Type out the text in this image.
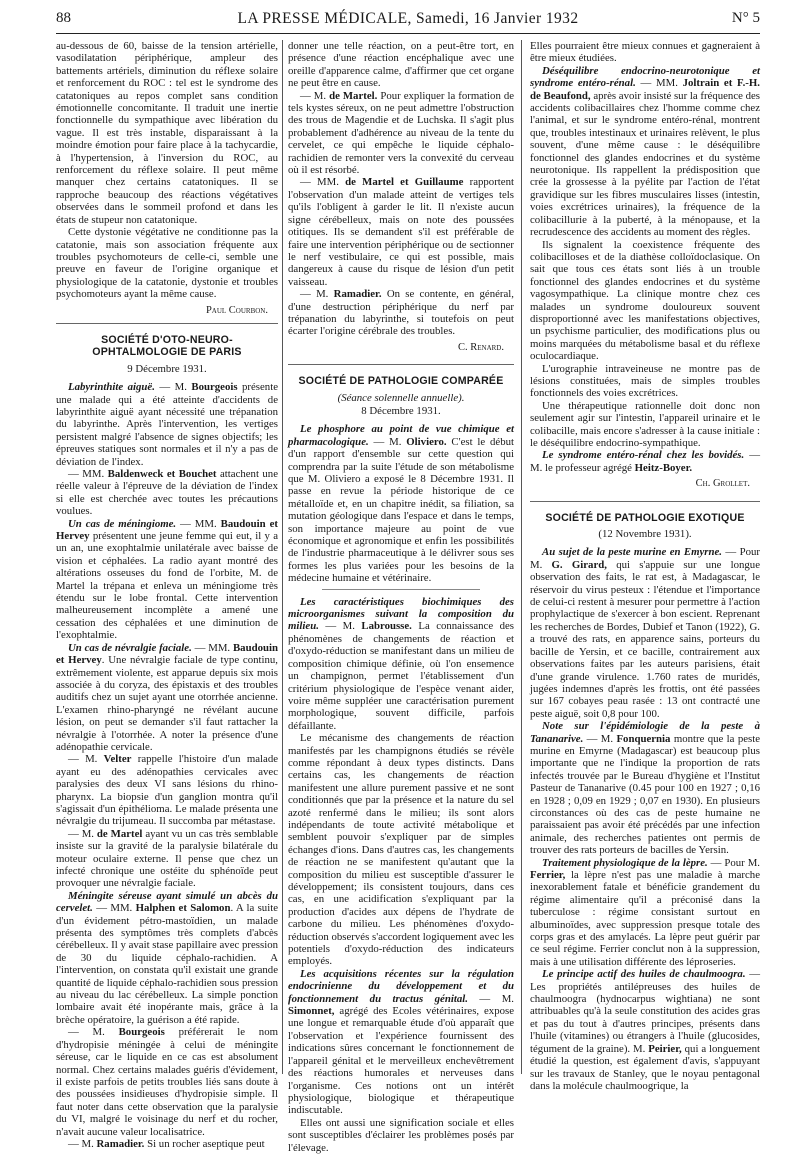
88	LA PRESSE MÉDICALE, Samedi, 16 Janvier 1932	N° 5

au-dessous de 60, baisse de la tension artérielle, vasodilatation périphérique, ampleur des battements artériels, diminution du réflexe solaire et renforcement du ROC : tel est le syndrome des catatoniques au repos complet sans condition émotionnelle concomitante. Il traduit une inertie fonctionnelle du sympathique avec libération du vague. Il est très instable, disparaissant à la moindre émotion pour faire place à la tachycardie, à l'hypertension, à l'inversion du ROC, au renforcement du réflexe solaire. Il peut même manquer chez certains catatoniques. Il se rapproche beaucoup des réactions végétatives observées dans le sommeil profond et dans les états de stupeur non catatonique.

Cette dystonie végétative ne conditionne pas la catatonie, mais son association fréquente aux troubles psychomoteurs de celle-ci, semble une preuve en faveur de l'origine organique et physiologique de la catatonie, dystonie et troubles psychomoteurs ayant la même cause.

Paul Courbon.
SOCIÉTÉ D'OTO-NEURO-OPHTALMOLOGIE DE PARIS
9 Décembre 1931.

Labyrinthite aiguë. — M. Bourgeois présente une malade qui a été atteinte d'accidents de labyrinthite aiguë ayant nécessité une trépanation du labyrinthe. Après l'intervention, les vertiges persistent malgré l'absence de signes objectifs; les épreuves statiques sont normales et il n'y a pas de déviation de l'index.

— MM. Baldenweck et Bouchet attachent une réelle valeur à l'épreuve de la déviation de l'index si elle est cherchée avec toutes les précautions voulues.

Un cas de méningiome. — MM. Baudouin et Hervey présentent une jeune femme qui eut, il y a un an, une exophtalmie unilatérale avec baisse de vision et céphalées. La radio ayant montré des altérations osseuses du fond de l'orbite, M. de Martel la trépana et enleva un méningiome très étendu sur le lobe frontal. Cette intervention malheureusement incomplète a amené une cessation des céphalées et une diminution de l'exophtalmie.

Un cas de névralgie faciale. — MM. Baudouin et Hervey. Une névralgie faciale de type continu, extrêmement violente, est apparue depuis six mois associée à du coryza, des épistaxis et des troubles auditifs chez un sujet ayant une otorrhée ancienne. L'examen rhino-pharyngé ne révélant aucune lésion, on peut se demander s'il faut rattacher la névralgie à l'otorrhée. A noter la présence d'une adénopathie cervicale.

— M. Velter rappelle l'histoire d'un malade ayant eu des adénopathies cervicales avec paralysies des deux VI sans lésions du rhino-pharynx. La biopsie d'un ganglion montra qu'il s'agissait d'un épithélioma. Le malade présenta une névralgie du trijumeau. Il succomba par métastase.

— M. de Martel ayant vu un cas très semblable insiste sur la gravité de la paralysie bilatérale du moteur oculaire externe. Il pense que chez un infecté chronique une ostéite du sphénoïde peut provoquer une névralgie faciale.

Méningite séreuse ayant simulé un abcès du cervelet. — MM. Halphen et Salomon. A la suite d'un évidement pétro-mastoïdien, un malade présenta des symptômes très complets d'abcès cérébelleux. Il y avait stase papillaire avec pression de 30 du liquide céphalo-rachidien. A l'intervention, on constata qu'il existait une grande quantité de liquide céphalo-rachidien sous pression au niveau du lac cérébelleux. La simple ponction lombaire avait été inopérante mais, grâce à la brèche opératoire, la guérison a été rapide.

— M. Bourgeois préférerait le nom d'hydropisie méningée à celui de méningite séreuse, car le liquide en ce cas est absolument normal. Chez certains malades guéris d'évidement, il existe parfois de petits troubles liés sans doute à des poussées insidieuses d'hydropisie simple. Il faut noter dans cette observation que la paralysie du VI, malgré le voisinage du nerf et du rocher, n'avait aucune valeur localisatrice.

— M. Ramadier. Si un rocher aseptique peut

donner une telle réaction, on a peut-être tort, en présence d'une réaction encéphalique avec une oreille d'apparence calme, d'affirmer que cet organe ne peut être en cause.

— M. de Martel. Pour expliquer la formation de tels kystes séreux, on ne peut admettre l'obstruction des trous de Magendie et de Luchska. Il s'agit plus probablement d'adhérence au niveau de la tente du cervelet, ce qui empêche le liquide céphalo-rachidien de remonter vers la convexité du cerveau où il est résorbé.

— MM. de Martel et Guillaume rapportent l'observation d'un malade atteint de vertiges tels qu'ils l'obligent à garder le lit. Il n'existe aucun signe cérébelleux, mais on note des poussées otitiques. Ils se demandent s'il est préférable de faire une intervention périphérique ou de sectionner le nerf vestibulaire, ce qui est possible, mais dangereux à cause du risque de lésion d'un petit vaisseau.

— M. Ramadier. On se contente, en général, d'une destruction périphérique du nerf par trépanation du labyrinthe, si toutefois on peut écarter l'origine cérébrale des troubles.

C. Renard.
SOCIÉTÉ DE PATHOLOGIE COMPARÉE
(Séance solennelle annuelle).
8 Décembre 1931.

Le phosphore au point de vue chimique et pharmacologique. — M. Oliviero. C'est le début d'un rapport d'ensemble sur cette question qui comprendra par la suite l'étude de son métabolisme que M. Oliviero a exposé le 8 Décembre 1931. Il passe en revue la période historique de ce métalloïde et, en un chapitre inédit, sa filiation, sa mutation géologique dans l'espace et dans le temps, son importance majeure au point de vue économique et agronomique et enfin les possibilités de l'industrie pharmaceutique à le délivrer sous ses formes les plus variées pour les besoins de la médecine humaine et vétérinaire.

Les caractéristiques biochimiques des microorganismes suivant la composition du milieu. — M. Labrousse. La connaissance des phénomènes de changements de réaction et d'oxydo-réduction se manifestant dans un milieu de composition chimique définie, où l'on ensemence un champignon, permet l'établissement d'un critérium physiologique de l'espèce venant aider, voire même suppléer une caractérisation purement morphologique, souvent difficile, parfois défaillante.

Le mécanisme des changements de réaction manifestés par les champignons étudiés se révèle comme répondant à deux types distincts. Dans certains cas, les changements de réaction manifestent une allure purement passive et ne sont conditionnés que par la présence et la nature du sel azoté renfermé dans le milieu; ils sont alors indépendants de toute activité métabolique et semblent pouvoir s'expliquer par de simples échanges d'ions. Dans d'autres cas, les changements de réaction ne se manifestent qu'autant que la composition du milieu est susceptible d'assurer le développement; ils consistent toujours, dans ces cas, en une acidification s'expliquant par la production d'acides aux dépens de l'hydrate de carbone du milieu. Les phénomènes d'oxydo-réduction observés s'accordent logiquement avec les potentiels d'oxydo-réduction des indicateurs employés.

Les acquisitions récentes sur la régulation endocrinienne du développement et du fonctionnement du tractus génital. — M. Simonnet, agrégé des Ecoles vétérinaires, expose une longue et remarquable étude d'où apparaît que l'observation et l'expérience fournissent des indications sûres concernant le fonctionnement de l'appareil génital et le merveilleux enchevêtrement des réactions humorales et nerveuses dans l'organisme. Ces notions ont un intérêt physiologique, biologique et thérapeutique indiscutable.

Elles ont aussi une signification sociale et elles sont susceptibles d'éclairer les problèmes posés par l'élevage.

Elles pourraient être mieux connues et gagneraient à être mieux étudiées.

Déséquilibre endocrino-neurotonique et syndrome entéro-rénal. — MM. Joltrain et F.-H. de Beaufond, après avoir insisté sur la fréquence des accidents colibacillaires chez l'homme comme chez l'animal, et sur le syndrome entéro-rénal, montrent que, troubles intestinaux et urinaires relèvent, le plus souvent, d'une même cause : le déséquilibre fonctionnel des glandes endocrines et du système neurotonique. Ils rappellent la prédisposition que crée la grossesse à la pyélite par l'action de l'état gravidique sur les fibres musculaires lisses (intestin, voies excrétrices urinaires), la fréquence de la colibacillurie à la puberté, à la ménopause, et la recrudescence des accidents au moment des règles.

Ils signalent la coexistence fréquente des colibacilloses et de la diathèse colloïdoclasique. On sait que tous ces états sont liés à un trouble fonctionnel des glandes endocrines et du système vagosympathique. La clinique montre chez ces malades un syndrome douloureux souvent disproportionné avec les manifestations objectives, un psychisme particulier, des modifications plus ou moins marquées du métabolisme basal et du réflexe oculocardiaque.

L'urographie intraveineuse ne montre pas de lésions constituées, mais de simples troubles fonctionnels des voies excrétrices.

Une thérapeutique rationnelle doit donc non seulement agir sur l'intestin, l'appareil urinaire et le colibacille, mais encore s'adresser à la cause initiale : le déséquilibre endocrino-sympathique.

Le syndrome entéro-rénal chez les bovidés. — M. le professeur agrégé Heitz-Boyer.

Ch. Grollet.
SOCIÉTÉ DE PATHOLOGIE EXOTIQUE
(12 Novembre 1931).

Au sujet de la peste murine en Emyrne. — Pour M. G. Girard, qui s'appuie sur une longue observation des faits, le rat est, à Madagascar, le réservoir du virus pesteux : l'étendue et l'importance de celui-ci restent à mesurer pour permettre à l'action prophylactique de s'exercer à bon escient. Reprenant les recherches de Bordes, Dubief et Tanon (1922), G. a trouvé des rats, en apparence sains, porteurs du bacille de Yersin, et ce bacille, contrairement aux observations faites par les auteurs parisiens, était d'une grande virulence. 1.760 rates de muridés, jugées indemnes d'après les frottis, ont été passées sur 167 cobayes peau rasée : 13 ont contracté une peste aiguë, soit 0,8 pour 100.

Note sur l'épidémiologie de la peste à Tananarive. — M. Fonquernia montre que la peste murine en Emyrne (Madagascar) est beaucoup plus importante que ne l'indique la proportion de rats infectés trouvée par le Bureau d'hygiène et l'Institut Pasteur de Tananarive (0.45 pour 100 en 1927 ; 0,16 en 1928 ; 0,09 en 1929 ; 0,07 en 1930). En plusieurs circonstances où des cas de peste humaine ne paraissaient pas avoir été précédés par une infection animale, des recherches patientes ont permis de trouver des rats porteurs de bacilles de Yersin.

Traitement physiologique de la lèpre. — Pour M. Ferrier, la lèpre n'est pas une maladie à marche inexorablement fatale et bénéficie grandement du régime alimentaire qu'il a préconisé dans la tuberculose : régime consistant surtout en albuminoïdes, avec suppression presque totale des corps gras et des amylacés. La lèpre peut guérir par ce seul régime. Ferrier conclut non à la suppression, mais à une utilisation différente des léproseries.

Le principe actif des huiles de chaulmoogra. — Les propriétés antilépreuses des huiles de chaulmoogra (hydnocarpus wightiana) ne sont attribuables qu'à la seule constitution des acides gras et pas du tout à d'autres principes, présents dans l'huile (vitamines) ou étrangers à l'huile (glucosides, tégument de la graine). M. Peirier, qui a longuement étudié la question, est également d'avis, s'appuyant sur les travaux de Stanley, que le noyau pentagonal dans la molécule chaulmoogrique, la
